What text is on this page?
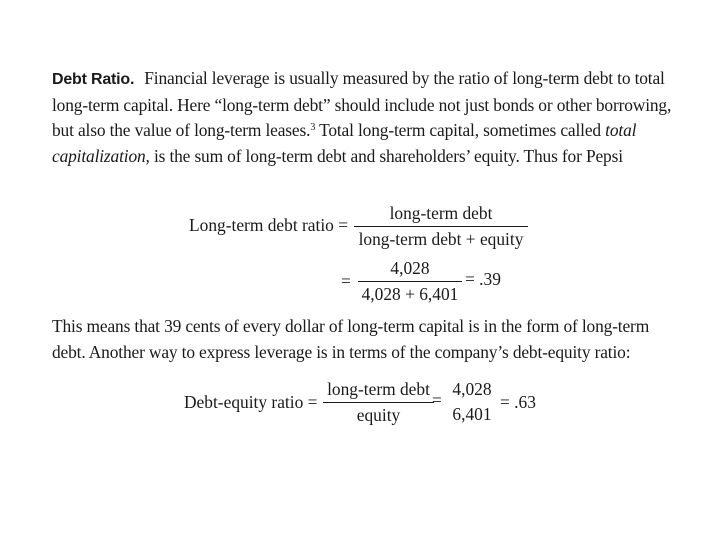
Debt Ratio. Financial leverage is usually measured by the ratio of long-term debt to total long-term capital. Here “long-term debt” should include not just bonds or other borrowing, but also the value of long-term leases.$^3$ Total long-term capital, sometimes called total capitalization, is the sum of long-term debt and shareholders’ equity. Thus for Pepsi

Long-term debt ratio =
long-term debt
long-term debt + equity
= $\frac{4,028}{4,028 + 6,401} = .39$

This means that 39 cents of every dollar of long-term capital is in the form of long-term debt. Another way to express leverage is in terms of the company’s debt-equity ratio:

Debt-equity ratio =
long-term debt
equity
=
4,028
6,401
= .63
